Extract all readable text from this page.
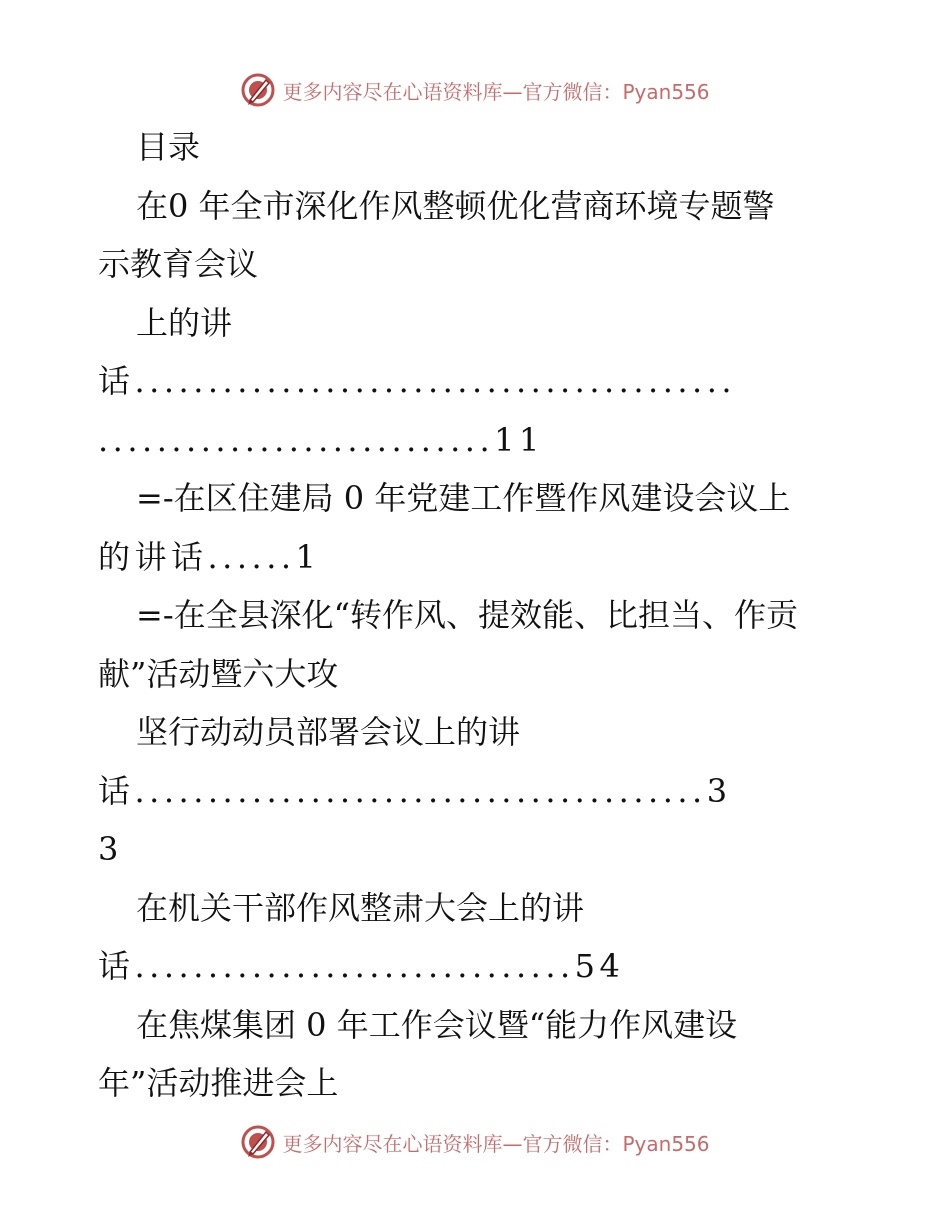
更多内容尽在心语资料库—官方微信：Pyan556
目录
在0 年全市深化作风整顿优化营商环境专题警
示教育会议
上的讲
话.........................................
...........................11
=-在区住建局 0 年党建工作暨作风建设会议上
的讲话......1
=-在全县深化“转作风、提效能、比担当、作贡
献”活动暨六大攻
坚行动动员部署会议上的讲
话.......................................3
3
在机关干部作风整肃大会上的讲
话..............................54
在焦煤集团 0 年工作会议暨“能力作风建设
年”活动推进会上
更多内容尽在心语资料库—官方微信：Pyan556
